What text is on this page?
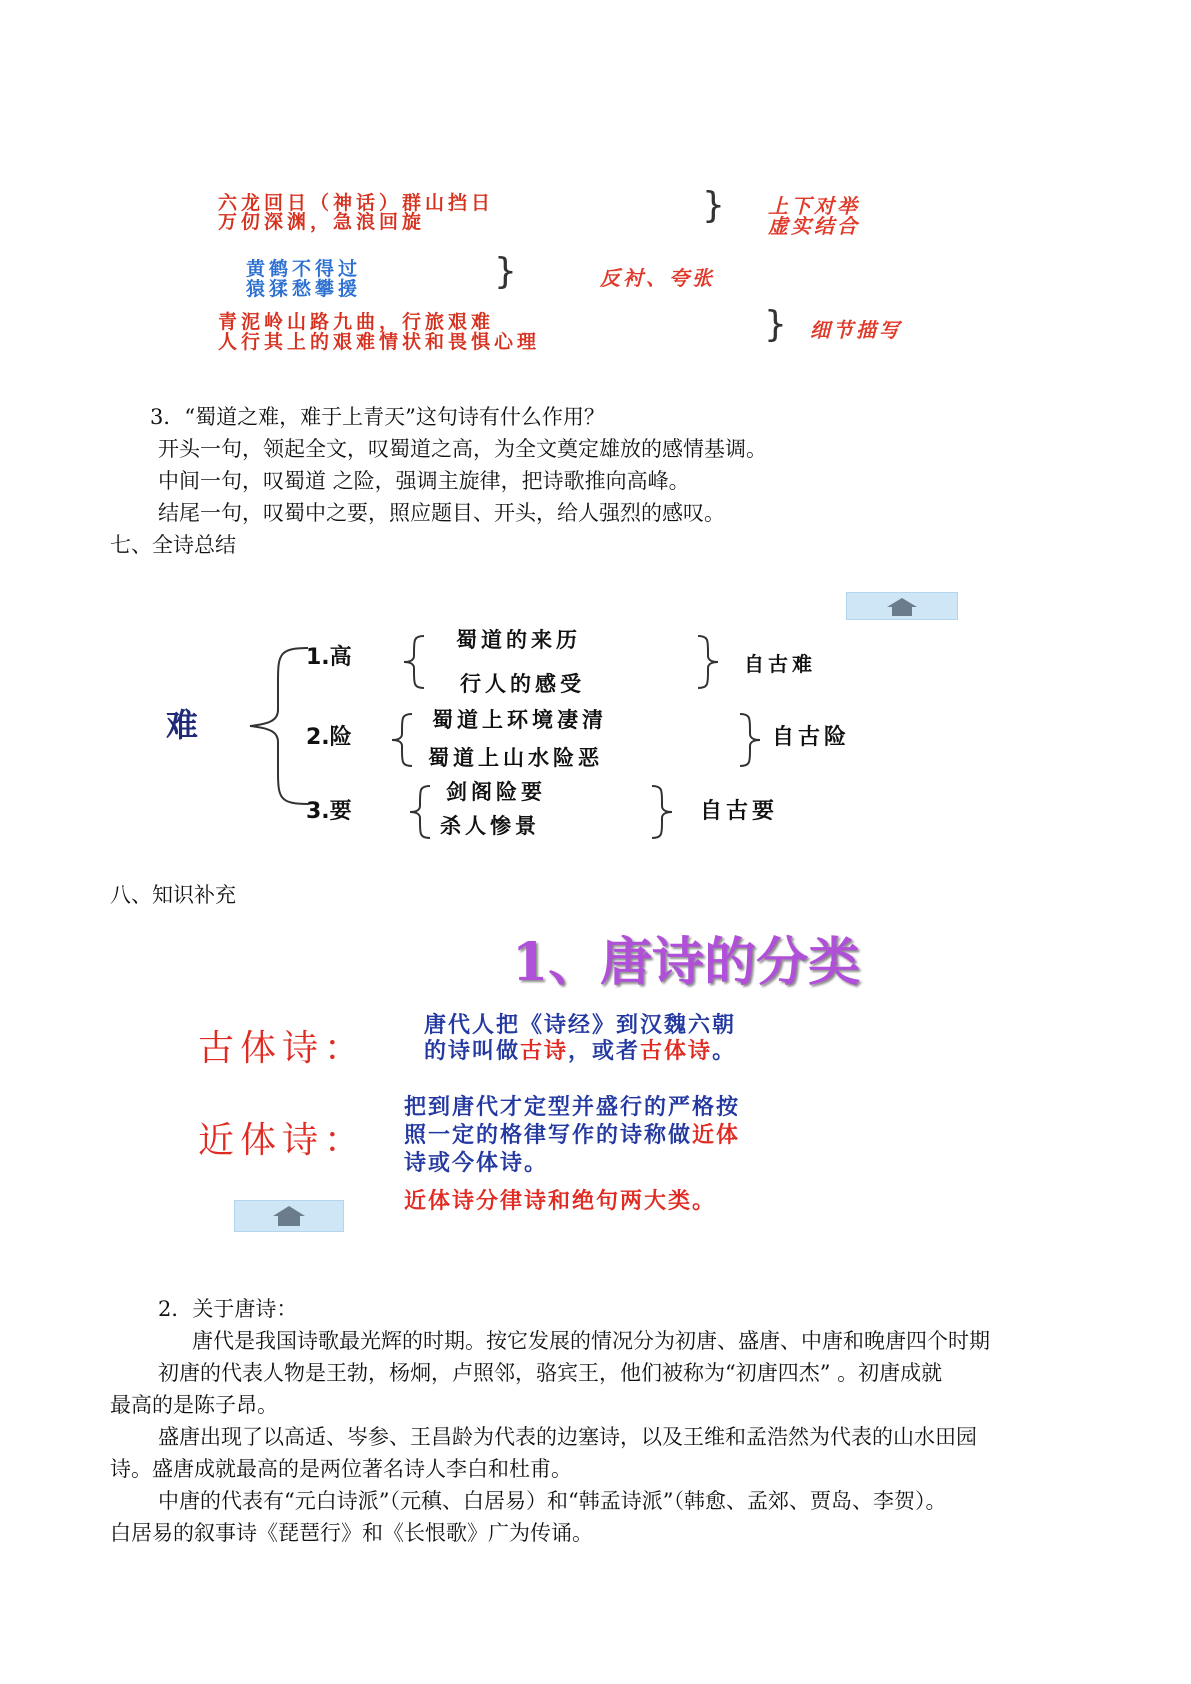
六龙回日（神话）群山挡日
万仞深渊，急浪回旋	} 上下对举
虚实结合
黄鹤不得过
猿猱愁攀援	}	反衬、夸张
青泥岭山路九曲，行旅艰难
人行其上的艰难情状和畏惧心理	} 细节描写
3．“蜀道之难，难于上青天”这句诗有什么作用？
开头一句，领起全文，叹蜀道之高，为全文奠定雄放的感情基调。
中间一句，叹蜀道 之险，强调主旋律，把诗歌推向高峰。
结尾一句，叹蜀中之要，照应题目、开头，给人强烈的感叹。
七、全诗总结
难
1.高
蜀道的来历
行人的感受
自古难
2.险
蜀道上环境凄清
蜀道上山水险恶
自古险
3.要
剑阁险要
杀人惨景
自古要
八、知识补充
1、唐诗的分类
古体诗：
唐代人把《诗经》到汉魏六朝
的诗叫做古诗，或者古体诗。
近体诗：
把到唐代才定型并盛行的严格按
照一定的格律写作的诗称做近体
诗或今体诗。
近体诗分律诗和绝句两大类。
2．关于唐诗：
唐代是我国诗歌最光辉的时期。按它发展的情况分为初唐、盛唐、中唐和晚唐四个时期
初唐的代表人物是王勃，杨炯，卢照邻，骆宾王，他们被称为“初唐四杰” 。初唐成就
最高的是陈子昂。
盛唐出现了以高适、岑参、王昌龄为代表的边塞诗，以及王维和孟浩然为代表的山水田园
诗。盛唐成就最高的是两位著名诗人李白和杜甫。
中唐的代表有“元白诗派”（元稹、白居易）和“韩孟诗派”（韩愈、孟郊、贾岛、李贺）。
白居易的叙事诗《琵琶行》和《长恨歌》广为传诵。
